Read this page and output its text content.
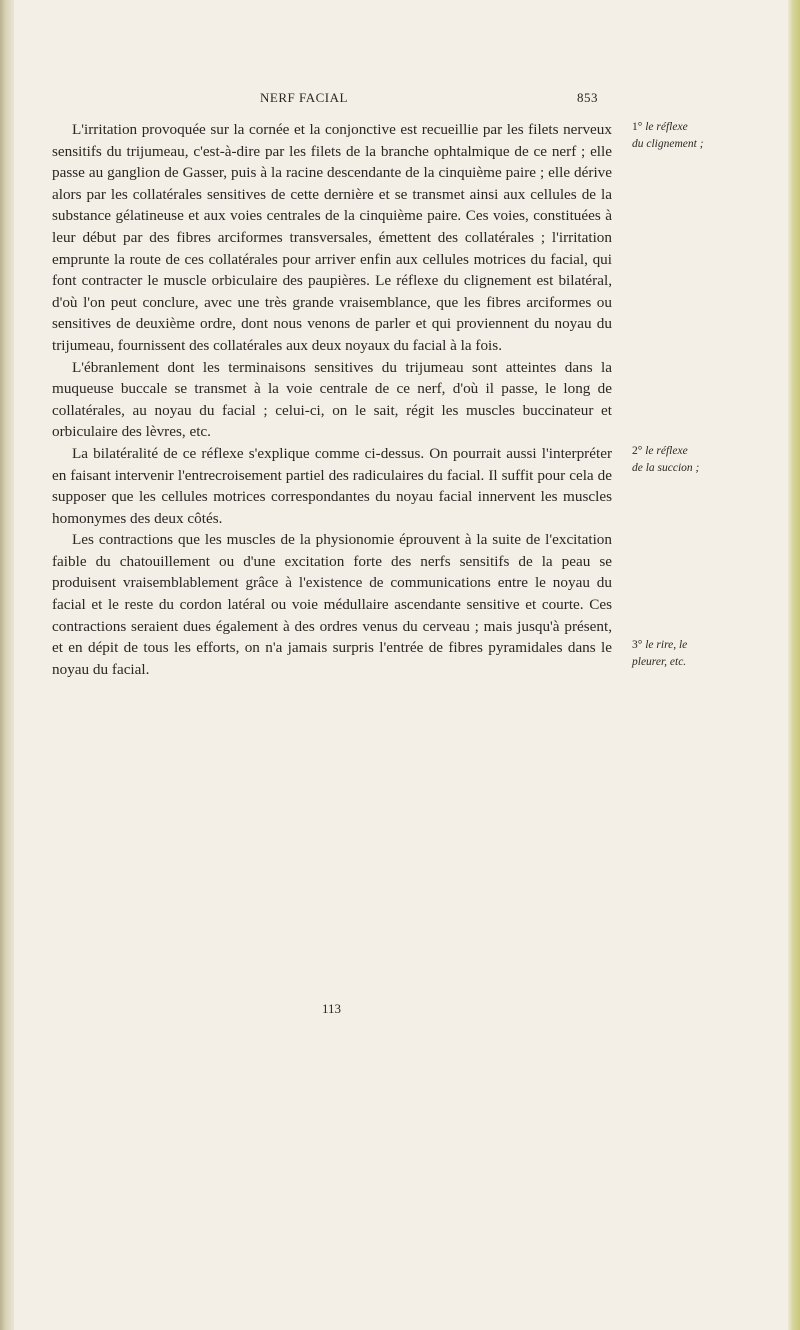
NERF FACIAL	853

L'irritation provoquée sur la cornée et la conjonctive est recueillie par les filets nerveux sensitifs du trijumeau, c'est-à-dire par les filets de la branche ophtalmique de ce nerf ; elle passe au ganglion de Gasser, puis à la racine descendante de la cinquième paire ; elle dérive alors par les collatérales sensitives de cette dernière et se transmet ainsi aux cellules de la substance gélatineuse et aux voies centrales de la cinquième paire. Ces voies, constituées à leur début par des fibres arciformes transversales, émettent des collatérales ; l'irritation emprunte la route de ces collatérales pour arriver enfin aux cellules motrices du facial, qui font contracter le muscle orbiculaire des paupières. Le réflexe du clignement est bilatéral, d'où l'on peut conclure, avec une très grande vraisemblance, que les fibres arciformes ou sensitives de deuxième ordre, dont nous venons de parler et qui proviennent du noyau du trijumeau, fournissent des collatérales aux deux noyaux du facial à la fois.

L'ébranlement dont les terminaisons sensitives du trijumeau sont atteintes dans la muqueuse buccale se transmet à la voie centrale de ce nerf, d'où il passe, le long de collatérales, au noyau du facial ; celui-ci, on le sait, régit les muscles buccinateur et orbiculaire des lèvres, etc.

La bilatéralité de ce réflexe s'explique comme ci-dessus. On pourrait aussi l'interpréter en faisant intervenir l'entrecroisement partiel des radiculaires du facial. Il suffit pour cela de supposer que les cellules motrices correspondantes du noyau facial innervent les muscles homonymes des deux côtés.

Les contractions que les muscles de la physionomie éprouvent à la suite de l'excitation faible du chatouillement ou d'une excitation forte des nerfs sensitifs de la peau se produisent vraisemblablement grâce à l'existence de communications entre le noyau du facial et le reste du cordon latéral ou voie médullaire ascendante sensitive et courte. Ces contractions seraient dues également à des ordres venus du cerveau ; mais jusqu'à présent, et en dépit de tous les efforts, on n'a jamais surpris l'entrée de fibres pyramidales dans le noyau du facial.

1° le réflexe
du clignement ;
2° le réflexe
de la succion ;
3° le rire, le
pleurer, etc.
113
